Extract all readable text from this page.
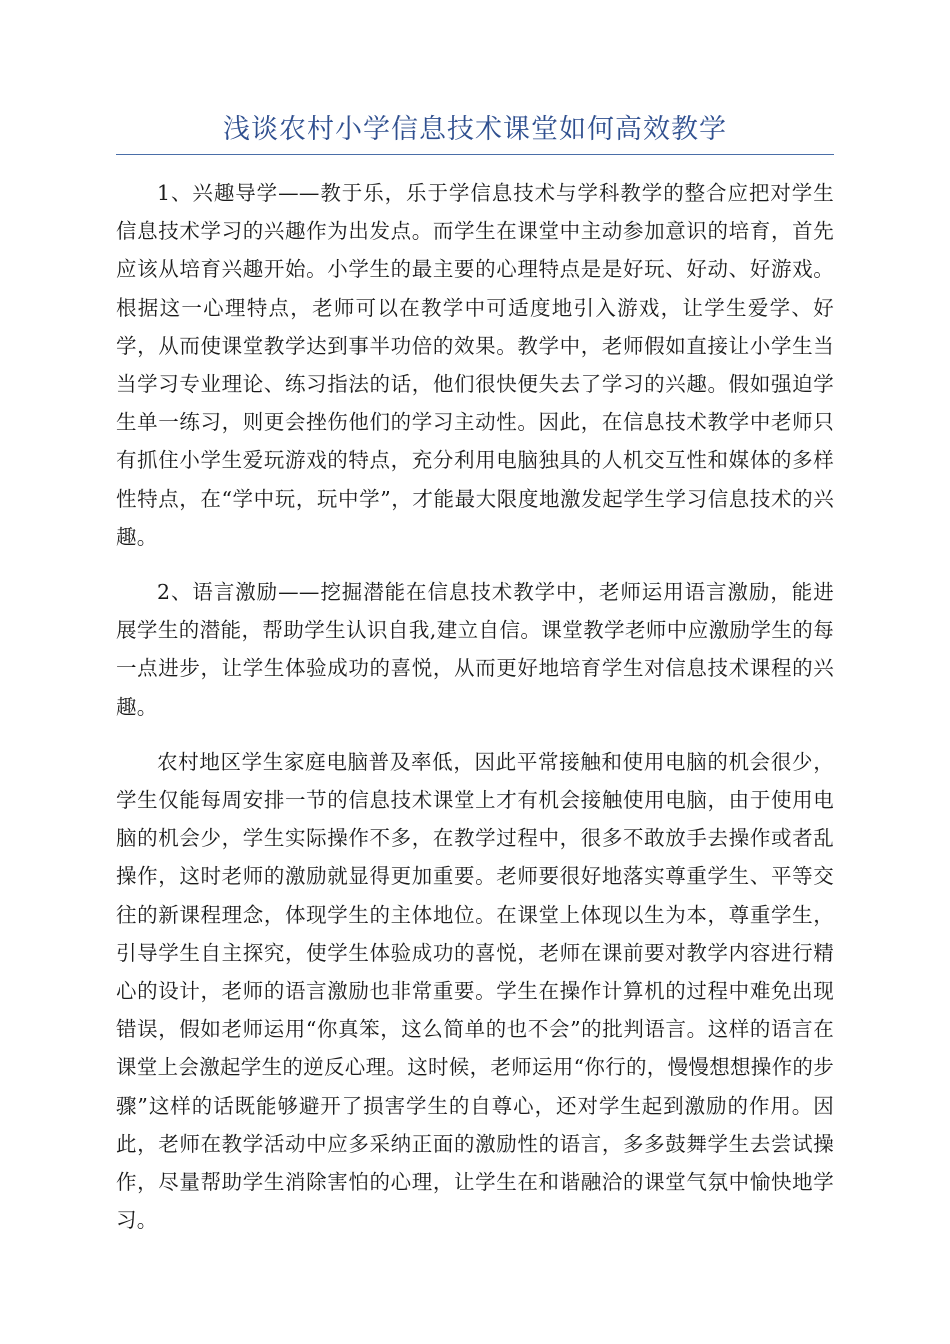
浅谈农村小学信息技术课堂如何高效教学

1、兴趣导学——教于乐，乐于学信息技术与学科教学的整合应把对学生信息技术学习的兴趣作为出发点。而学生在课堂中主动参加意识的培育，首先应该从培育兴趣开始。小学生的最主要的心理特点是是好玩、好动、好游戏。根据这一心理特点，老师可以在教学中可适度地引入游戏，让学生爱学、好学，从而使课堂教学达到事半功倍的效果。教学中，老师假如直接让小学生当当学习专业理论、练习指法的话，他们很快便失去了学习的兴趣。假如强迫学生单一练习，则更会挫伤他们的学习主动性。因此，在信息技术教学中老师只有抓住小学生爱玩游戏的特点，充分利用电脑独具的人机交互性和媒体的多样性特点，在“学中玩，玩中学”，才能最大限度地激发起学生学习信息技术的兴趣。

2、语言激励——挖掘潜能在信息技术教学中，老师运用语言激励，能进展学生的潜能，帮助学生认识自我,建立自信。课堂教学老师中应激励学生的每一点进步，让学生体验成功的喜悦，从而更好地培育学生对信息技术课程的兴趣。

农村地区学生家庭电脑普及率低，因此平常接触和使用电脑的机会很少，学生仅能每周安排一节的信息技术课堂上才有机会接触使用电脑，由于使用电脑的机会少，学生实际操作不多，在教学过程中，很多不敢放手去操作或者乱操作，这时老师的激励就显得更加重要。老师要很好地落实尊重学生、平等交往的新课程理念，体现学生的主体地位。在课堂上体现以生为本，尊重学生，引导学生自主探究，使学生体验成功的喜悦，老师在课前要对教学内容进行精心的设计，老师的语言激励也非常重要。学生在操作计算机的过程中难免出现错误，假如老师运用“你真笨，这么简单的也不会”的批判语言。这样的语言在课堂上会激起学生的逆反心理。这时候，老师运用“你行的，慢慢想想操作的步骤”这样的话既能够避开了损害学生的自尊心，还对学生起到激励的作用。因此，老师在教学活动中应多采纳正面的激励性的语言，多多鼓舞学生去尝试操作，尽量帮助学生消除害怕的心理，让学生在和谐融洽的课堂气氛中愉快地学习。
